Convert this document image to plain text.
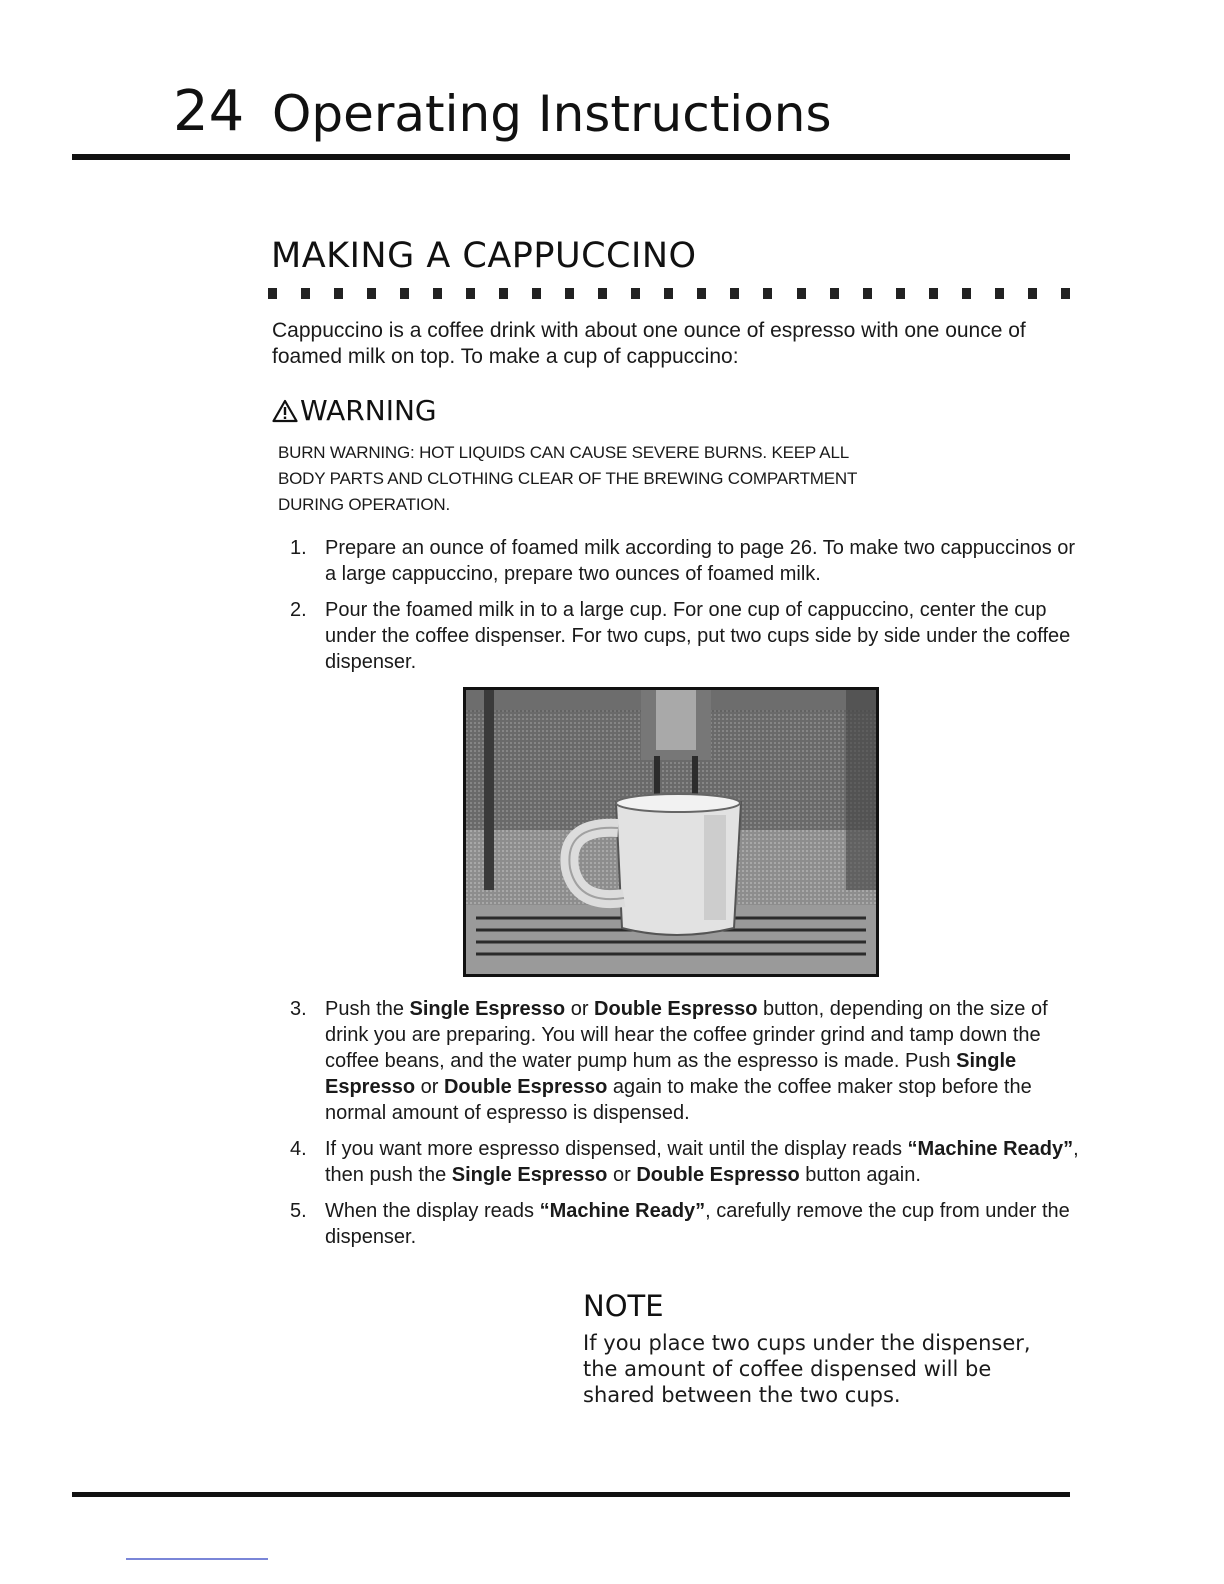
24 Operating Instructions
MAKING A CAPPUCCINO
Cappuccino is a coffee drink with about one ounce of espresso with one ounce of foamed milk on top. To make a cup of cappuccino:
WARNING
BURN WARNING: HOT LIQUIDS CAN CAUSE SEVERE BURNS. KEEP ALL
BODY PARTS AND CLOTHING CLEAR OF THE BREWING COMPARTMENT
DURING OPERATION.
1. Prepare an ounce of foamed milk according to page 26. To make two cappuccinos or a large cappuccino, prepare two ounces of foamed milk.
2. Pour the foamed milk in to a large cup. For one cup of cappuccino, center the cup under the coffee dispenser. For two cups, put two cups side by side under the coffee dispenser.
3. Push the Single Espresso or Double Espresso button, depending on the size of drink you are preparing. You will hear the coffee grinder grind and tamp down the coffee beans, and the water pump hum as the espresso is made. Push Single Espresso or Double Espresso again to make the coffee maker stop before the normal amount of espresso is dispensed.
4. If you want more espresso dispensed, wait until the display reads “Machine Ready”, then push the Single Espresso or Double Espresso button again.
5. When the display reads “Machine Ready”, carefully remove the cup from under the dispenser.
NOTE
If you place two cups under the dispenser, the amount of coffee dispensed will be shared between the two cups.
